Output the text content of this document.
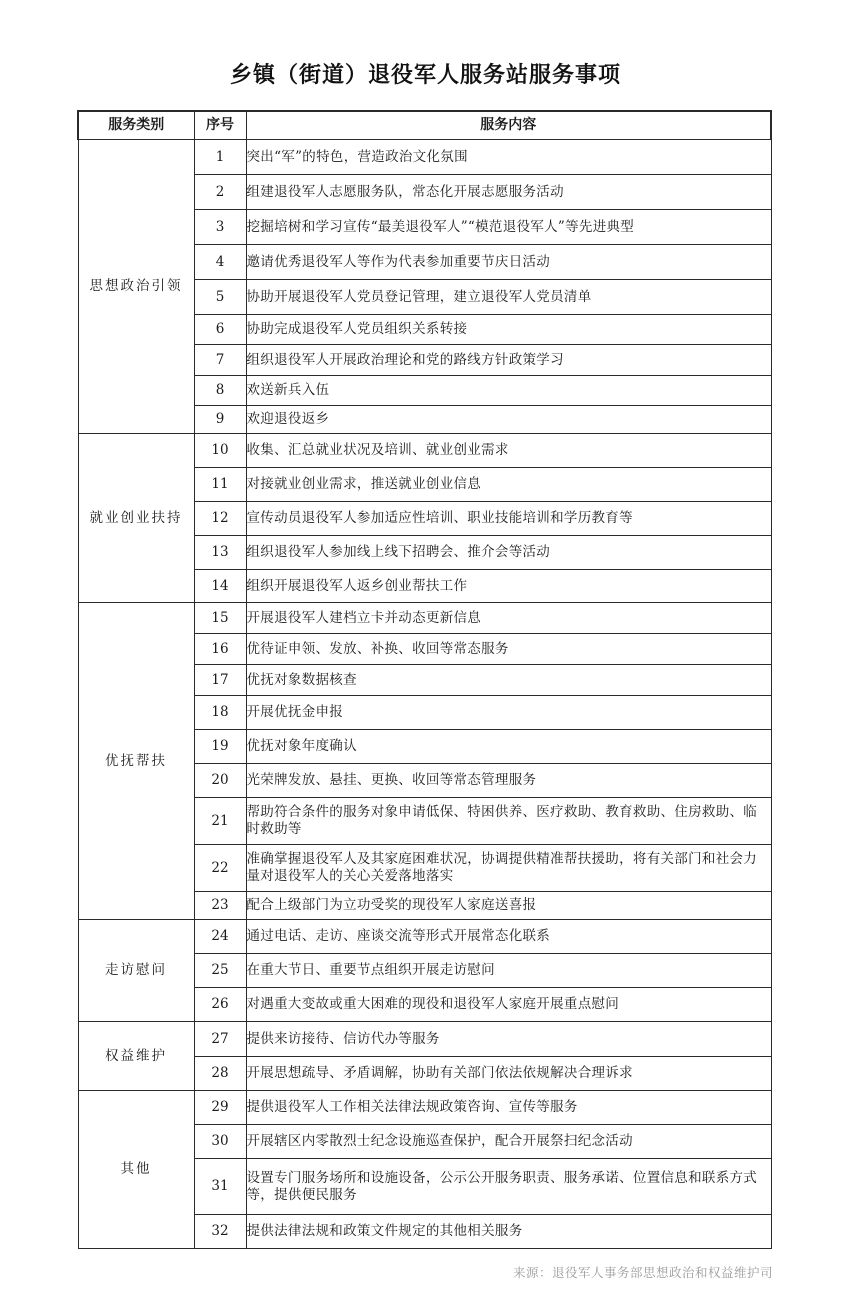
乡镇（街道）退役军人服务站服务事项
服务类别	序号	服务内容
思想政治引领	1	突出“军”的特色，营造政治文化氛围
	2	组建退役军人志愿服务队，常态化开展志愿服务活动
	3	挖掘培树和学习宣传“最美退役军人”“模范退役军人”等先进典型
	4	邀请优秀退役军人等作为代表参加重要节庆日活动
	5	协助开展退役军人党员登记管理，建立退役军人党员清单
	6	协助完成退役军人党员组织关系转接
	7	组织退役军人开展政治理论和党的路线方针政策学习
	8	欢送新兵入伍
	9	欢迎退役返乡
就业创业扶持	10	收集、汇总就业状况及培训、就业创业需求
	11	对接就业创业需求，推送就业创业信息
	12	宣传动员退役军人参加适应性培训、职业技能培训和学历教育等
	13	组织退役军人参加线上线下招聘会、推介会等活动
	14	组织开展退役军人返乡创业帮扶工作
优抚帮扶	15	开展退役军人建档立卡并动态更新信息
	16	优待证申领、发放、补换、收回等常态服务
	17	优抚对象数据核查
	18	开展优抚金申报
	19	优抚对象年度确认
	20	光荣牌发放、悬挂、更换、收回等常态管理服务
	21	帮助符合条件的服务对象申请低保、特困供养、医疗救助、教育救助、住房救助、临时救助等
	22	准确掌握退役军人及其家庭困难状况，协调提供精准帮扶援助，将有关部门和社会力量对退役军人的关心关爱落地落实
	23	配合上级部门为立功受奖的现役军人家庭送喜报
走访慰问	24	通过电话、走访、座谈交流等形式开展常态化联系
	25	在重大节日、重要节点组织开展走访慰问
	26	对遇重大变故或重大困难的现役和退役军人家庭开展重点慰问
权益维护	27	提供来访接待、信访代办等服务
	28	开展思想疏导、矛盾调解，协助有关部门依法依规解决合理诉求
其他	29	提供退役军人工作相关法律法规政策咨询、宣传等服务
	30	开展辖区内零散烈士纪念设施巡查保护，配合开展祭扫纪念活动
	31	设置专门服务场所和设施设备，公示公开服务职责、服务承诺、位置信息和联系方式等，提供便民服务
	32	提供法律法规和政策文件规定的其他相关服务
来源：退役军人事务部思想政治和权益维护司
